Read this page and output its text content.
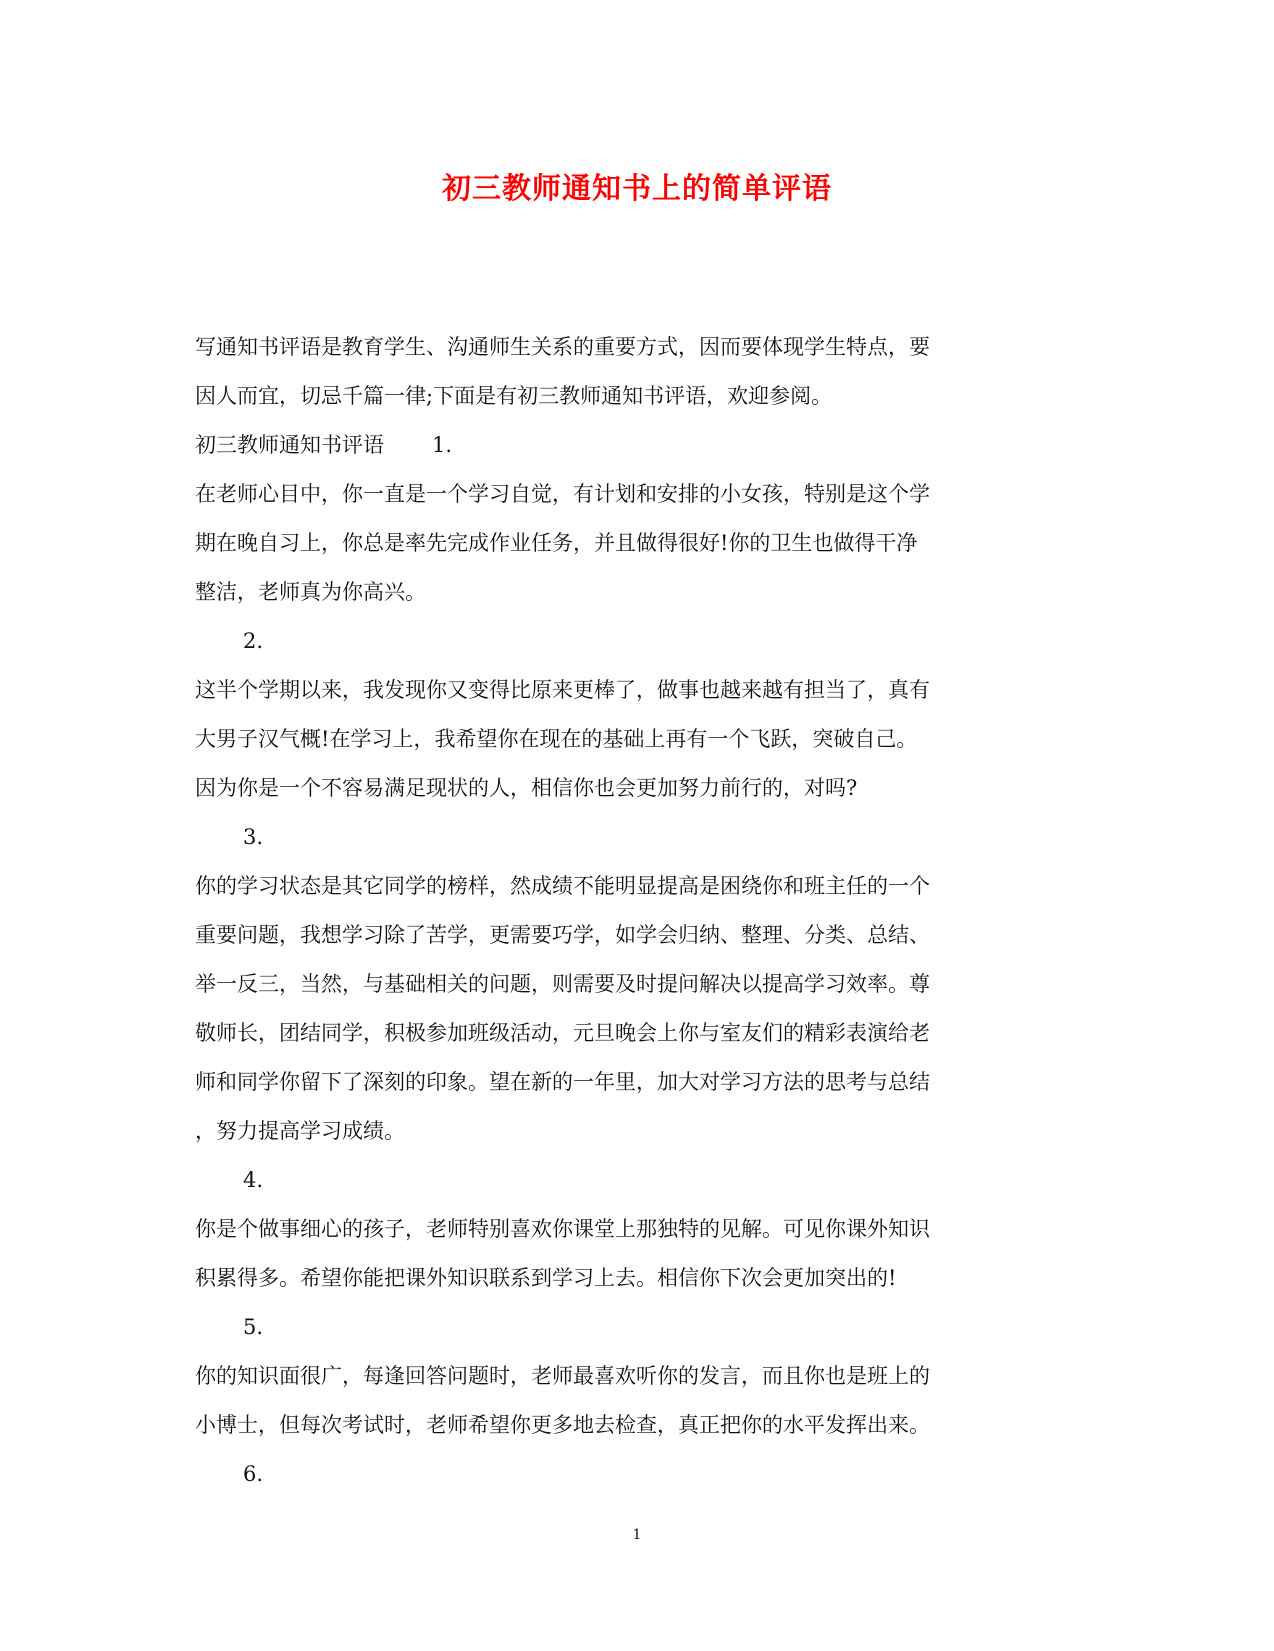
初三教师通知书上的简单评语
写通知书评语是教育学生、沟通师生关系的重要方式，因而要体现学生特点，要
因人而宜，切忌千篇一律;下面是有初三教师通知书评语，欢迎参阅。
初三教师通知书评语 1.
在老师心目中，你一直是一个学习自觉，有计划和安排的小女孩，特别是这个学
期在晚自习上，你总是率先完成作业任务，并且做得很好!你的卫生也做得干净
整洁，老师真为你高兴。
2.
这半个学期以来，我发现你又变得比原来更棒了，做事也越来越有担当了，真有
大男子汉气概!在学习上，我希望你在现在的基础上再有一个飞跃，突破自己。
因为你是一个不容易满足现状的人，相信你也会更加努力前行的，对吗?
3.
你的学习状态是其它同学的榜样，然成绩不能明显提高是困绕你和班主任的一个
重要问题，我想学习除了苦学，更需要巧学，如学会归纳、整理、分类、总结、
举一反三，当然，与基础相关的问题，则需要及时提问解决以提高学习效率。尊
敬师长，团结同学，积极参加班级活动，元旦晚会上你与室友们的精彩表演给老
师和同学你留下了深刻的印象。望在新的一年里，加大对学习方法的思考与总结
，努力提高学习成绩。
4.
你是个做事细心的孩子，老师特别喜欢你课堂上那独特的见解。可见你课外知识
积累得多。希望你能把课外知识联系到学习上去。相信你下次会更加突出的!
5.
你的知识面很广，每逢回答问题时，老师最喜欢听你的发言，而且你也是班上的
小博士，但每次考试时，老师希望你更多地去检查，真正把你的水平发挥出来。
6.
1
